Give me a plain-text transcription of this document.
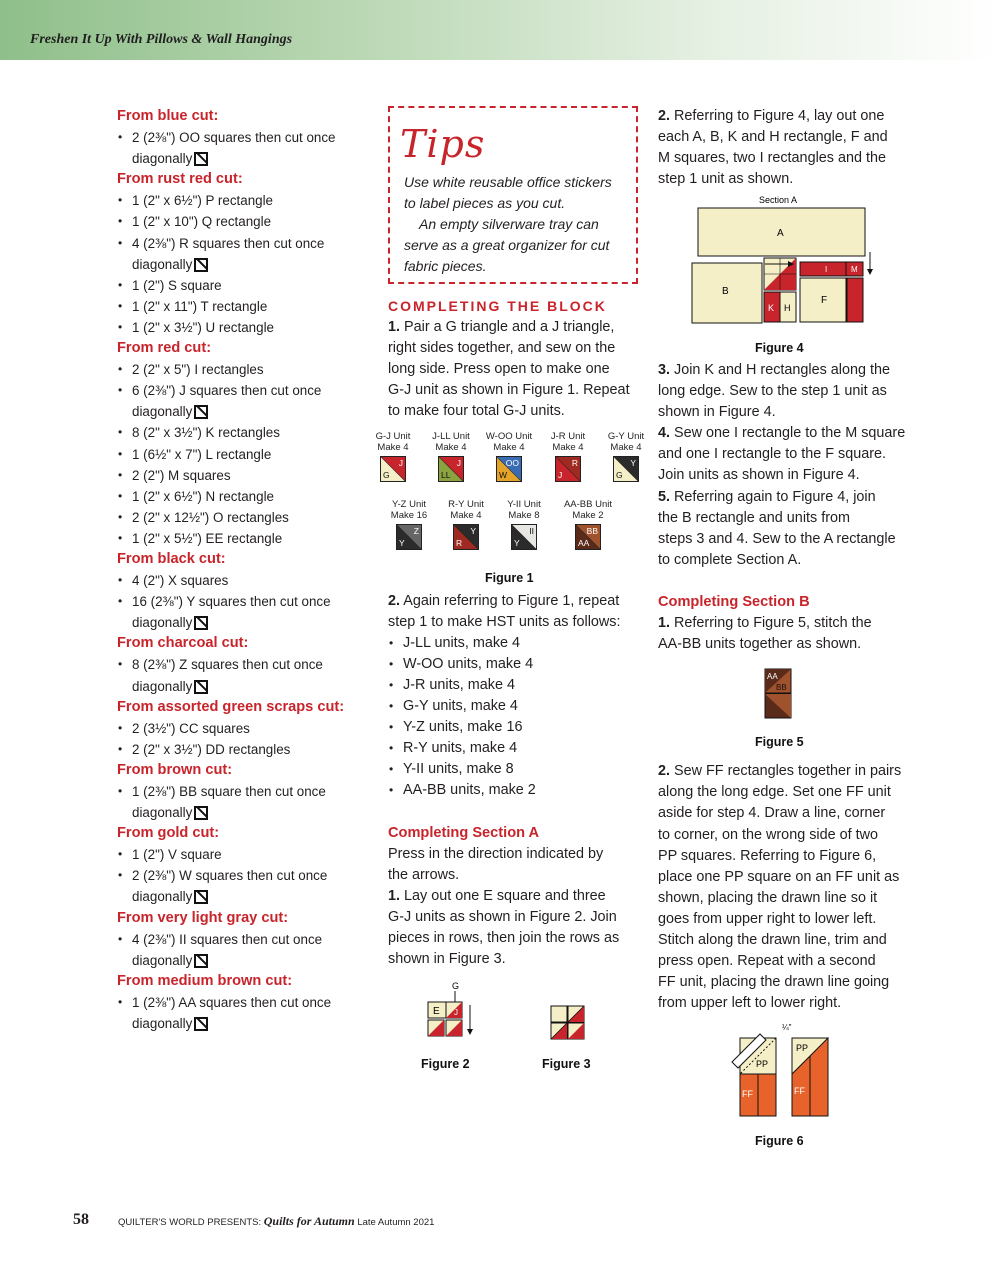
Freshen It Up With Pillows & Wall Hangings
From blue cut:
• 2 (2⅜") OO squares then cut once
diagonally
From rust red cut:
• 1 (2" x 6½") P rectangle
• 1 (2" x 10") Q rectangle
• 4 (2⅜") R squares then cut once
diagonally
• 1 (2") S square
• 1 (2" x 11") T rectangle
• 1 (2" x 3½") U rectangle
From red cut:
• 2 (2" x 5") I rectangles
• 6 (2⅜") J squares then cut once
diagonally
• 8 (2" x 3½") K rectangles
• 1 (6½" x 7") L rectangle
• 2 (2") M squares
• 1 (2" x 6½") N rectangle
• 2 (2" x 12½") O rectangles
• 1 (2" x 5½") EE rectangle
From black cut:
• 4 (2") X squares
• 16 (2⅜") Y squares then cut once
diagonally
From charcoal cut:
• 8 (2⅜") Z squares then cut once
diagonally
From assorted green scraps cut:
• 2 (3½") CC squares
• 2 (2" x 3½") DD rectangles
From brown cut:
• 1 (2⅜") BB square then cut once
diagonally
From gold cut:
• 1 (2") V square
• 2 (2⅜") W squares then cut once
diagonally
From very light gray cut:
• 4 (2⅜") II squares then cut once
diagonally
From medium brown cut:
• 1 (2⅜") AA squares then cut once
diagonally
Tips
Use white reusable office stickers
to label pieces as you cut.
An empty silverware tray can
serve as a great organizer for cut
fabric pieces.
COMPLETING THE BLOCK
1. Pair a G triangle and a J triangle,
right sides together, and sew on the
long side. Press open to make one
G-J unit as shown in Figure 1. Repeat
to make four total G-J units.
2. Again referring to Figure 1, repeat
step 1 to make HST units as follows:
• J-LL units, make 4
• W-OO units, make 4
• J-R units, make 4
• G-Y units, make 4
• Y-Z units, make 16
• R-Y units, make 4
• Y-II units, make 8
• AA-BB units, make 2
Completing Section A
Press in the direction indicated by
the arrows.
1. Lay out one E square and three
G-J units as shown in Figure 2. Join
pieces in rows, then join the rows as
shown in Figure 3.
G-J Unit
Make 4
J
G
J-LL Unit
Make 4
J
LL
W-OO Unit
Make 4
OO
W
J-R Unit
Make 4
R
J
G-Y Unit
Make 4
Y
G
Y-Z Unit
Make 16
Z
Y
R-Y Unit
Make 4
Y
R
Y-II Unit
Make 8
II
Y
AA-BB Unit
Make 2
BB
AA
Figure 1
G
E J
Figure 2	Figure 3
2. Referring to Figure 4, lay out one
each A, B, K and H rectangle, F and
M squares, two I rectangles and the
step 1 unit as shown.
Section A
A
B
K H
I	M
F
Figure 4
3. Join K and H rectangles along the
long edge. Sew to the step 1 unit as
shown in Figure 4.
4. Sew one I rectangle to the M square
and one I rectangle to the F square.
Join units as shown in Figure 4.
5. Referring again to Figure 4, join
the B rectangle and units from
steps 3 and 4. Sew to the A rectangle
to complete Section A.
Completing Section B
1. Referring to Figure 5, stitch the
AA-BB units together as shown.
2. Sew FF rectangles together in pairs
along the long edge. Set one FF unit
aside for step 4. Draw a line, corner
to corner, on the wrong side of two
PP squares. Referring to Figure 6,
place one PP square on an FF unit as
shown, placing the drawn line so it
goes from upper right to lower left.
Stitch along the drawn line, trim and
press open. Repeat with a second
FF unit, placing the drawn line going
from upper left to lower right.
AA
BB
Figure 5
¼"
PP
FF
PP
FF
Figure 6
58	QUILTER'S WORLD PRESENTS: Quilts for Autumn Late Autumn 2021
